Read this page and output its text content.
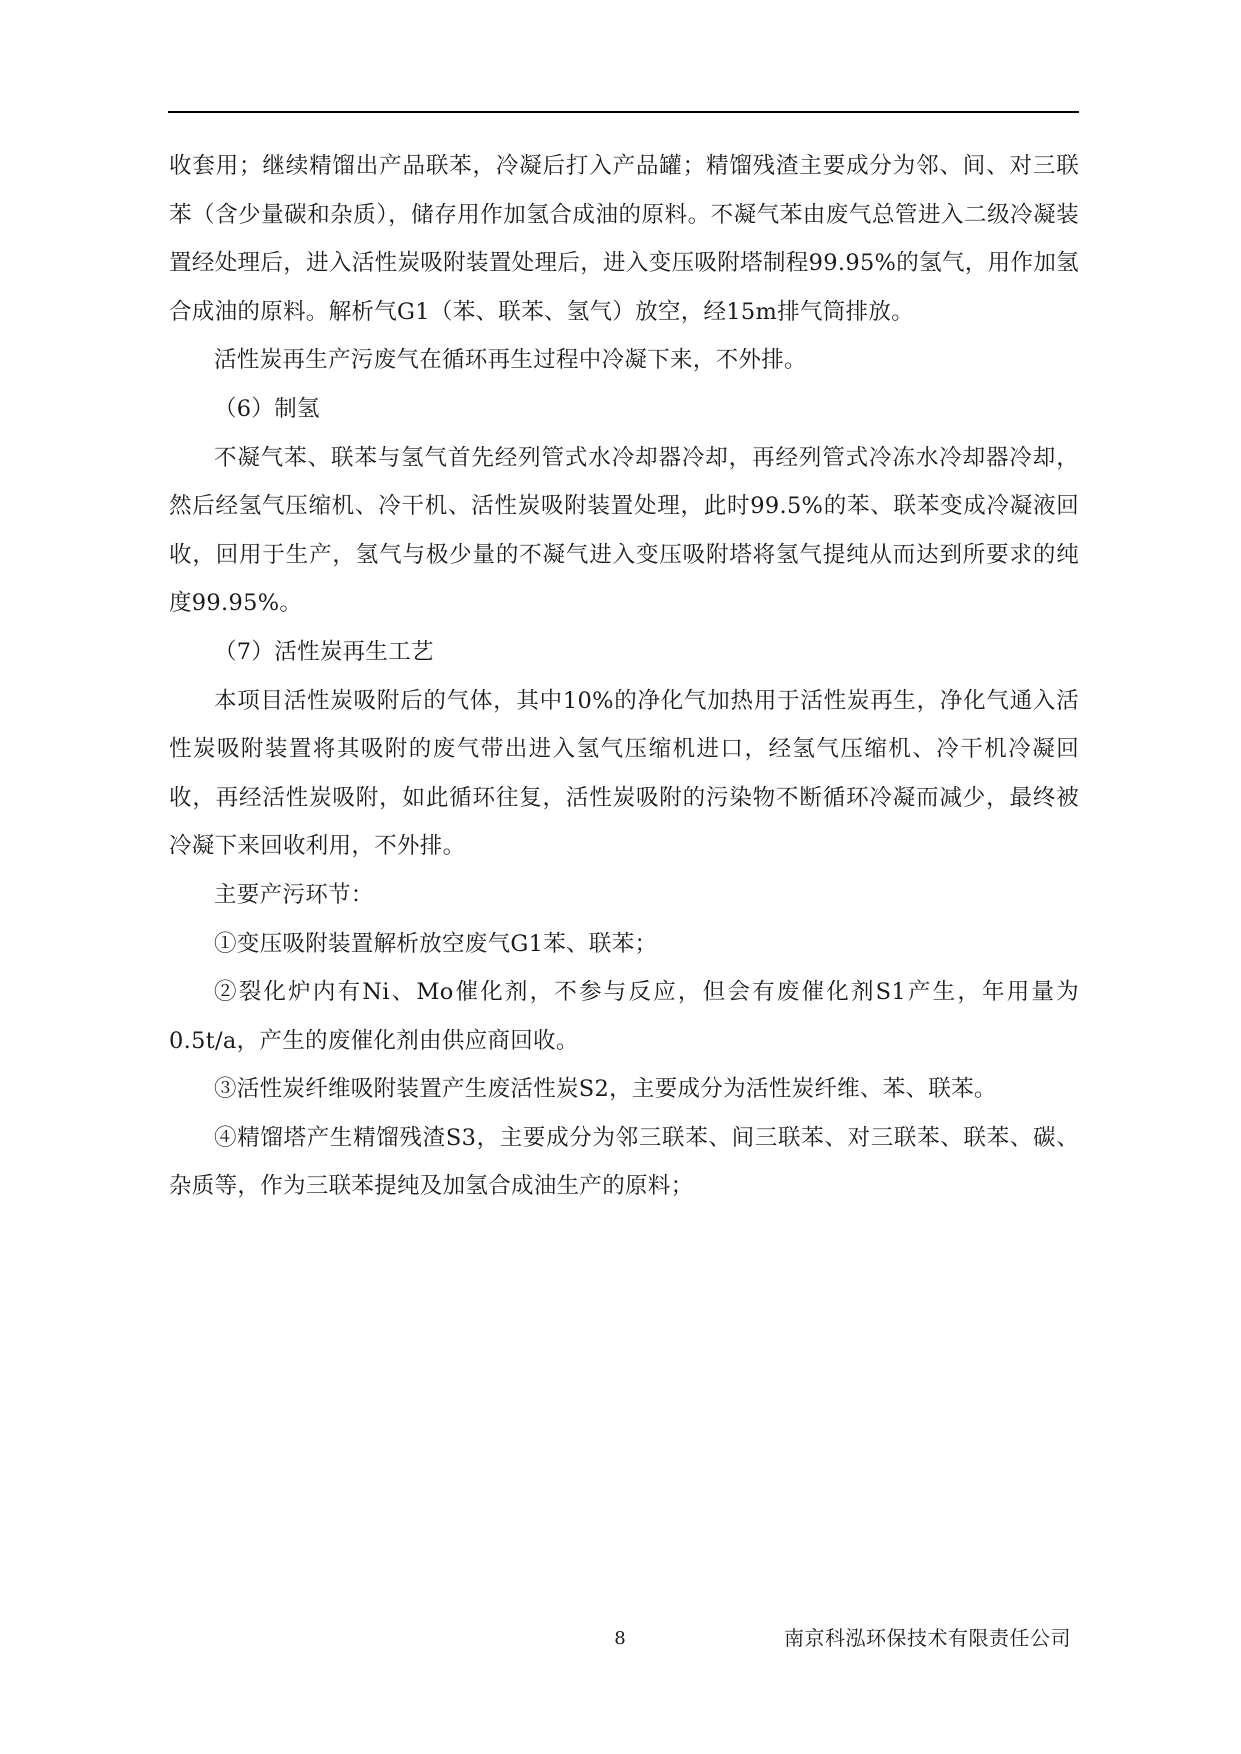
收套用；继续精馏出产品联苯，冷凝后打入产品罐；精馏残渣主要成分为邻、间、对三联苯（含少量碳和杂质），储存用作加氢合成油的原料。不凝气苯由废气总管进入二级冷凝装置经处理后，进入活性炭吸附装置处理后，进入变压吸附塔制程99.95%的氢气，用作加氢合成油的原料。解析气G1（苯、联苯、氢气）放空，经15m排气筒排放。

活性炭再生产污废气在循环再生过程中冷凝下来，不外排。

（6）制氢

不凝气苯、联苯与氢气首先经列管式水冷却器冷却，再经列管式冷冻水冷却器冷却，然后经氢气压缩机、冷干机、活性炭吸附装置处理，此时99.5%的苯、联苯变成冷凝液回收，回用于生产，氢气与极少量的不凝气进入变压吸附塔将氢气提纯从而达到所要求的纯度99.95%。

（7）活性炭再生工艺

本项目活性炭吸附后的气体，其中10%的净化气加热用于活性炭再生，净化气通入活性炭吸附装置将其吸附的废气带出进入氢气压缩机进口，经氢气压缩机、冷干机冷凝回收，再经活性炭吸附，如此循环往复，活性炭吸附的污染物不断循环冷凝而减少，最终被冷凝下来回收利用，不外排。

主要产污环节：

①变压吸附装置解析放空废气G1苯、联苯；

②裂化炉内有Ni、Mo催化剂，不参与反应，但会有废催化剂S1产生，年用量为0.5t/a，产生的废催化剂由供应商回收。

③活性炭纤维吸附装置产生废活性炭S2，主要成分为活性炭纤维、苯、联苯。

④精馏塔产生精馏残渣S3，主要成分为邻三联苯、间三联苯、对三联苯、联苯、碳、杂质等，作为三联苯提纯及加氢合成油生产的原料；

8	南京科泓环保技术有限责任公司
